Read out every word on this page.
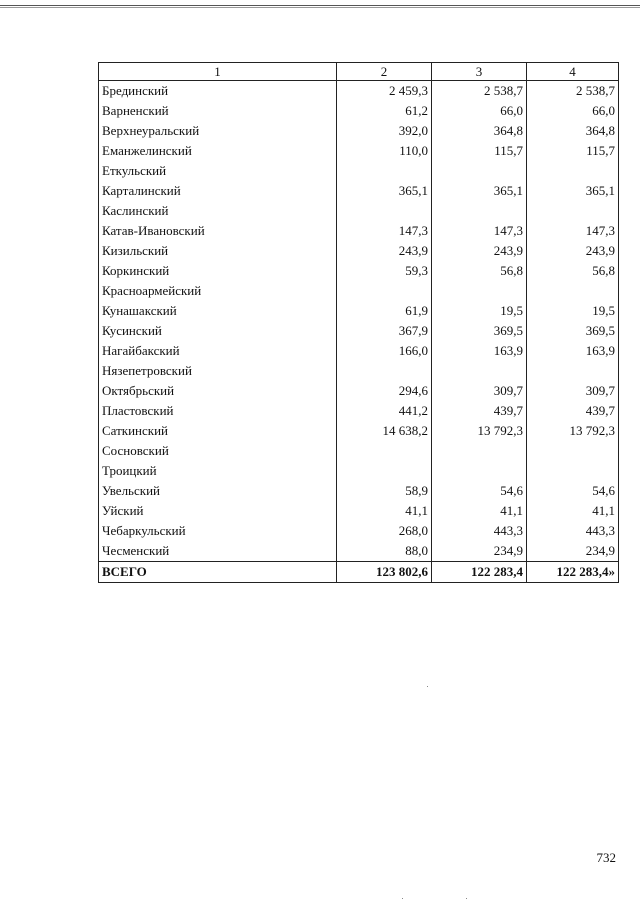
1	2	3	4
Брединский	2 459,3	2 538,7	2 538,7
Варненский	61,2	66,0	66,0
Верхнеуральский	392,0	364,8	364,8
Еманжелинский	110,0	115,7	115,7
Еткульский			
Карталинский	365,1	365,1	365,1
Каслинский			
Катав-Ивановский	147,3	147,3	147,3
Кизильский	243,9	243,9	243,9
Коркинский	59,3	56,8	56,8
Красноармейский			
Кунашакский	61,9	19,5	19,5
Кусинский	367,9	369,5	369,5
Нагайбакский	166,0	163,9	163,9
Нязепетровский			
Октябрьский	294,6	309,7	309,7
Пластовский	441,2	439,7	439,7
Саткинский	14 638,2	13 792,3	13 792,3
Сосновский			
Троицкий			
Увельский	58,9	54,6	54,6
Уйский	41,1	41,1	41,1
Чебаркульский	268,0	443,3	443,3
Чесменский	88,0	234,9	234,9
ВСЕГО	123 802,6	122 283,4	122 283,4»
732
